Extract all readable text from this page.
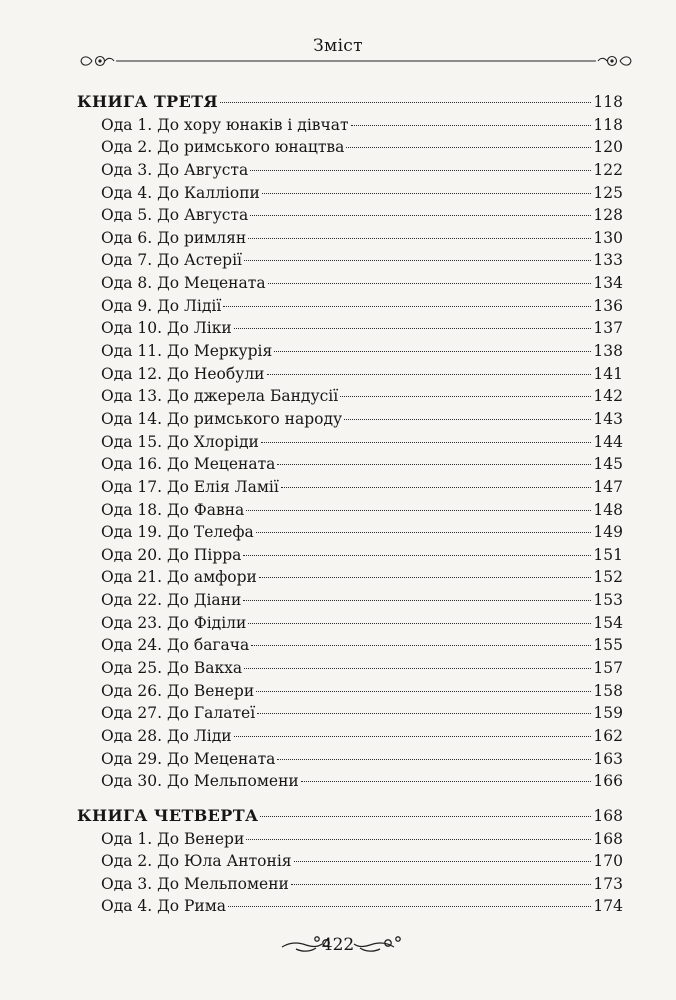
Зміст
КНИГА ТРЕТЯ	118
Ода 1. До хору юнаків і дівчат	118
Ода 2. До римського юнацтва	120
Ода 3. До Августа	122
Ода 4. До Калліопи	125
Ода 5. До Августа	128
Ода 6. До римлян	130
Ода 7. До Астерії	133
Ода 8. До Мецената	134
Ода 9. До Лідії	136
Ода 10. До Ліки	137
Ода 11. До Меркурія	138
Ода 12. До Необули	141
Ода 13. До джерела Бандусії	142
Ода 14. До римського народу	143
Ода 15. До Хлоріди	144
Ода 16. До Мецената	145
Ода 17. До Елія Ламії	147
Ода 18. До Фавна	148
Ода 19. До Телефа	149
Ода 20. До Пірра	151
Ода 21. До амфори	152
Ода 22. До Діани	153
Ода 23. До Фіділи	154
Ода 24. До багача	155
Ода 25. До Вакха	157
Ода 26. До Венери	158
Ода 27. До Галатеї	159
Ода 28. До Ліди	162
Ода 29. До Мецената	163
Ода 30. До Мельпомени	166
КНИГА ЧЕТВЕРТА	168
Ода 1. До Венери	168
Ода 2. До Юла Антонія	170
Ода 3. До Мельпомени	173
Ода 4. До Рима	174
422
